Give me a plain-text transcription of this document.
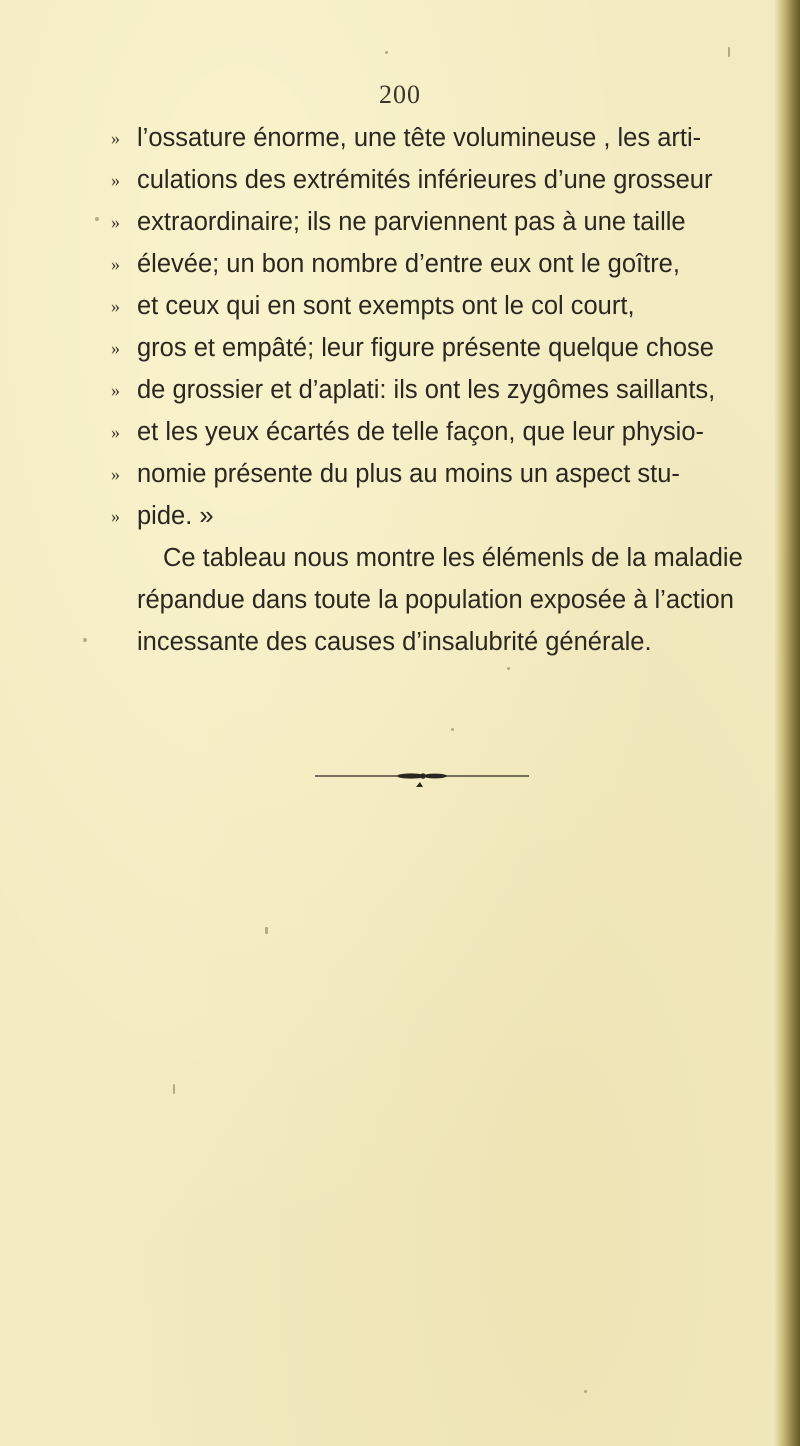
200
» l’ossature énorme, une tête volumineuse , les arti-
» culations des extrémités inférieures d’une grosseur
» extraordinaire; ils ne parviennent pas à une taille
» élevée; un bon nombre d’entre eux ont le goître,
» et ceux qui en sont exempts ont le col court,
» gros et empâté; leur figure présente quelque chose
» de grossier et d’aplati: ils ont les zygômes saillants,
» et les yeux écartés de telle façon, que leur physio-
» nomie présente du plus au moins un aspect stu-
» pide. »
Ce tableau nous montre les élémenls de la maladie
répandue dans toute la population exposée à l’action
incessante des causes d’insalubrité générale.
